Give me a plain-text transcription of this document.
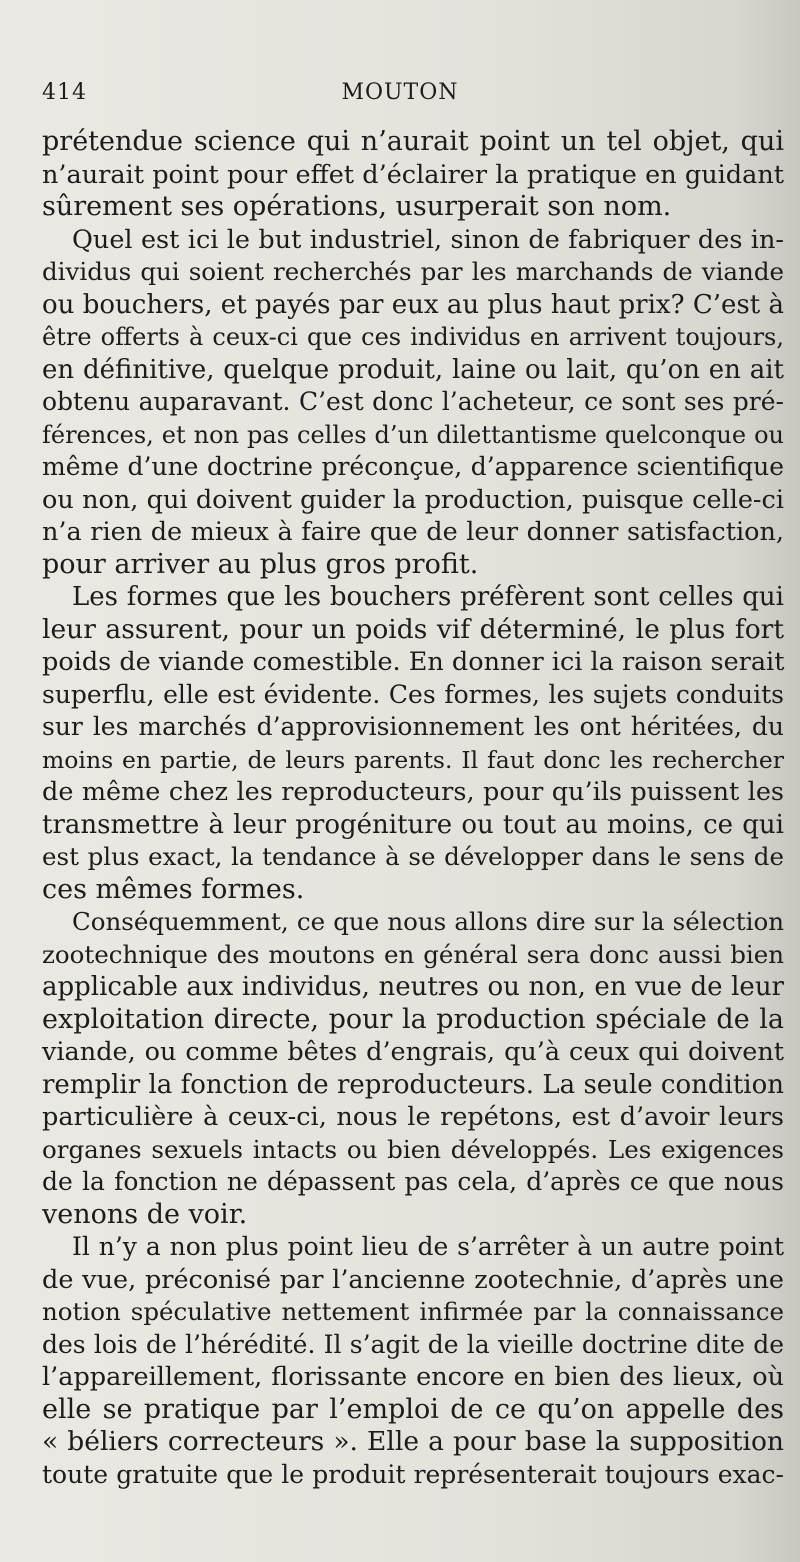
414	MOUTON
prétendue science qui n’aurait point un tel objet, qui
n’aurait point pour effet d’éclairer la pratique en guidant
sûrement ses opérations, usurperait son nom.
Quel est ici le but industriel, sinon de fabriquer des in-
dividus qui soient recherchés par les marchands de viande
ou bouchers, et payés par eux au plus haut prix? C’est à
être offerts à ceux-ci que ces individus en arrivent toujours,
en définitive, quelque produit, laine ou lait, qu’on en ait
obtenu auparavant. C’est donc l’acheteur, ce sont ses pré-
férences, et non pas celles d’un dilettantisme quelconque ou
même d’une doctrine préconçue, d’apparence scientifique
ou non, qui doivent guider la production, puisque celle-ci
n’a rien de mieux à faire que de leur donner satisfaction,
pour arriver au plus gros profit.
Les formes que les bouchers préfèrent sont celles qui
leur assurent, pour un poids vif déterminé, le plus fort
poids de viande comestible. En donner ici la raison serait
superflu, elle est évidente. Ces formes, les sujets conduits
sur les marchés d’approvisionnement les ont héritées, du
moins en partie, de leurs parents. Il faut donc les rechercher
de même chez les reproducteurs, pour qu’ils puissent les
transmettre à leur progéniture ou tout au moins, ce qui
est plus exact, la tendance à se développer dans le sens de
ces mêmes formes.
Conséquemment, ce que nous allons dire sur la sélection
zootechnique des moutons en général sera donc aussi bien
applicable aux individus, neutres ou non, en vue de leur
exploitation directe, pour la production spéciale de la
viande, ou comme bêtes d’engrais, qu’à ceux qui doivent
remplir la fonction de reproducteurs. La seule condition
particulière à ceux-ci, nous le repétons, est d’avoir leurs
organes sexuels intacts ou bien développés. Les exigences
de la fonction ne dépassent pas cela, d’après ce que nous
venons de voir.
Il n’y a non plus point lieu de s’arrêter à un autre point
de vue, préconisé par l’ancienne zootechnie, d’après une
notion spéculative nettement infirmée par la connaissance
des lois de l’hérédité. Il s’agit de la vieille doctrine dite de
l’appareillement, florissante encore en bien des lieux, où
elle se pratique par l’emploi de ce qu’on appelle des
« béliers correcteurs ». Elle a pour base la supposition
toute gratuite que le produit représenterait toujours exac-
